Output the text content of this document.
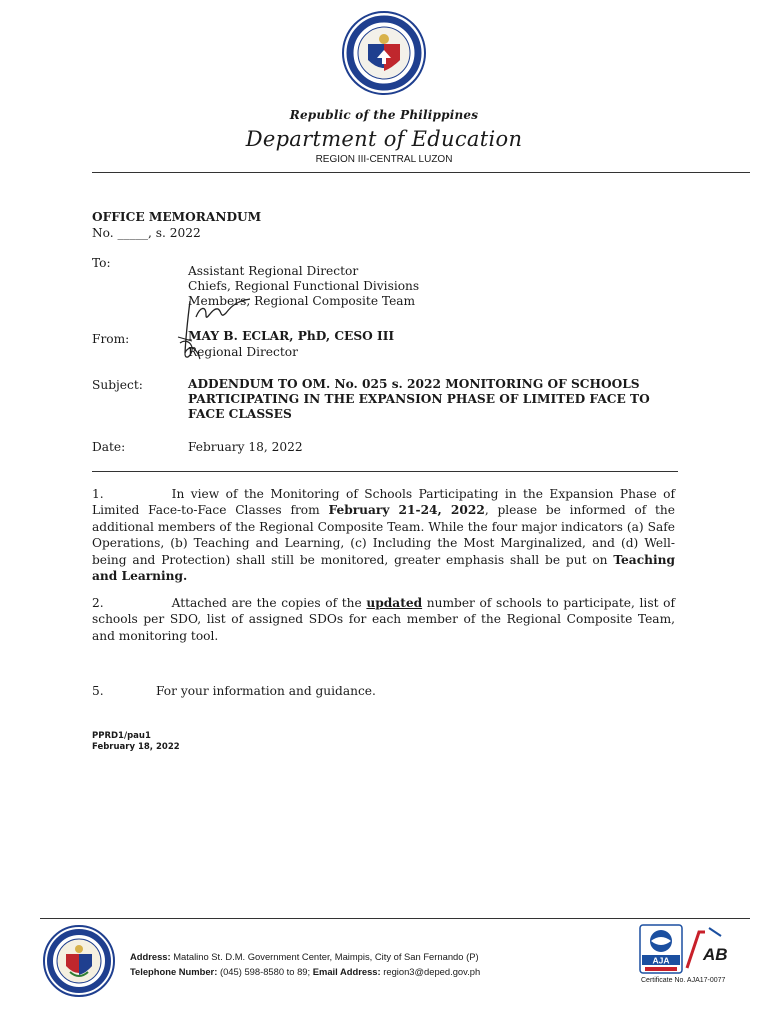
Republic of the Philippines
Department of Education
REGION III-CENTRAL LUZON
OFFICE MEMORANDUM
No. _____, s. 2022
To:
Assistant Regional Director
Chiefs, Regional Functional Divisions
Members, Regional Composite Team
From:	MAY B. ECLAR, PhD, CESO III
Regional Director
Subject:	ADDENDUM TO OM. No. 025 s. 2022 MONITORING OF SCHOOLS
PARTICIPATING IN THE EXPANSION PHASE OF LIMITED FACE TO
FACE CLASSES
Date:	February 18, 2022
1.	In view of the Monitoring of Schools Participating in the Expansion Phase of Limited Face-to-Face Classes from February 21-24, 2022, please be informed of the additional members of the Regional Composite Team. While the four major indicators (a) Safe Operations, (b) Teaching and Learning, (c) Including the Most Marginalized, and (d) Well-being and Protection) shall still be monitored, greater emphasis shall be put on Teaching and Learning.
2.	Attached are the copies of the updated number of schools to participate, list of schools per SDO, list of assigned SDOs for each member of the Regional Composite Team, and monitoring tool.
5.	For your information and guidance.
PPRD1/pau1
February 18, 2022
Address: Matalino St. D.M. Government Center, Maimpis, City of San Fernando (P)
Telephone Number: (045) 598-8580 to 89; Email Address: region3@deped.gov.ph
AJA AB
Certificate No. AJA17-0077
